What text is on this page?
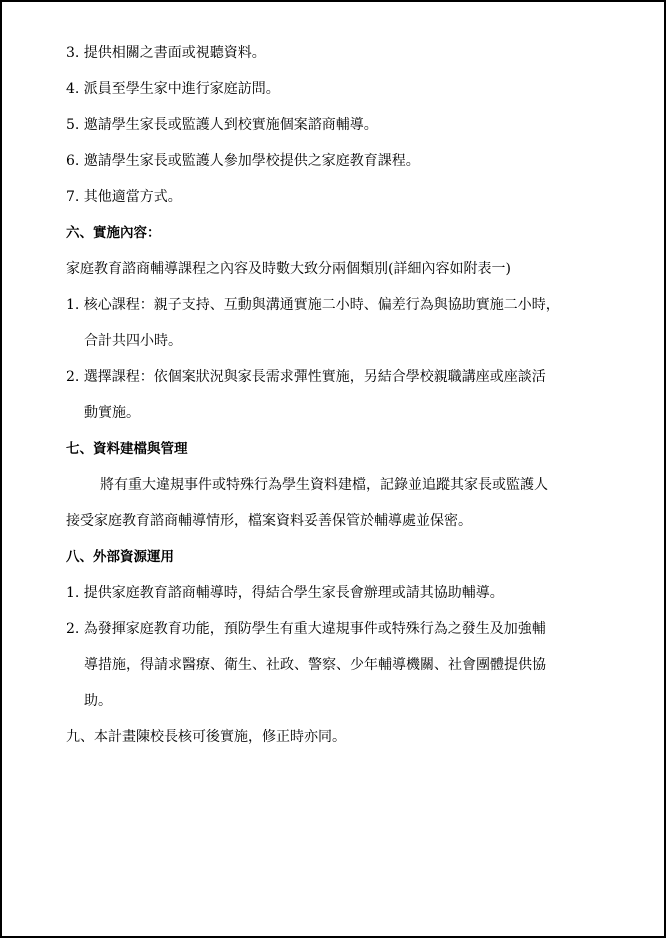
3. 提供相關之書面或視聽資料。
4. 派員至學生家中進行家庭訪問。
5. 邀請學生家長或監護人到校實施個案諮商輔導。
6. 邀請學生家長或監護人參加學校提供之家庭教育課程。
7. 其他適當方式。
六、實施內容：
家庭教育諮商輔導課程之內容及時數大致分兩個類別(詳細內容如附表一)
1. 核心課程：親子支持、互動與溝通實施二小時、偏差行為與協助實施二小時，
合計共四小時。
2. 選擇課程：依個案狀況與家長需求彈性實施，另結合學校親職講座或座談活
動實施。
七、資料建檔與管理
將有重大違規事件或特殊行為學生資料建檔，記錄並追蹤其家長或監護人
接受家庭教育諮商輔導情形，檔案資料妥善保管於輔導處並保密。
八、外部資源運用
1. 提供家庭教育諮商輔導時，得結合學生家長會辦理或請其協助輔導。
2. 為發揮家庭教育功能，預防學生有重大違規事件或特殊行為之發生及加強輔
導措施，得請求醫療、衛生、社政、警察、少年輔導機關、社會團體提供協
助。
九、本計畫陳校長核可後實施，修正時亦同。
